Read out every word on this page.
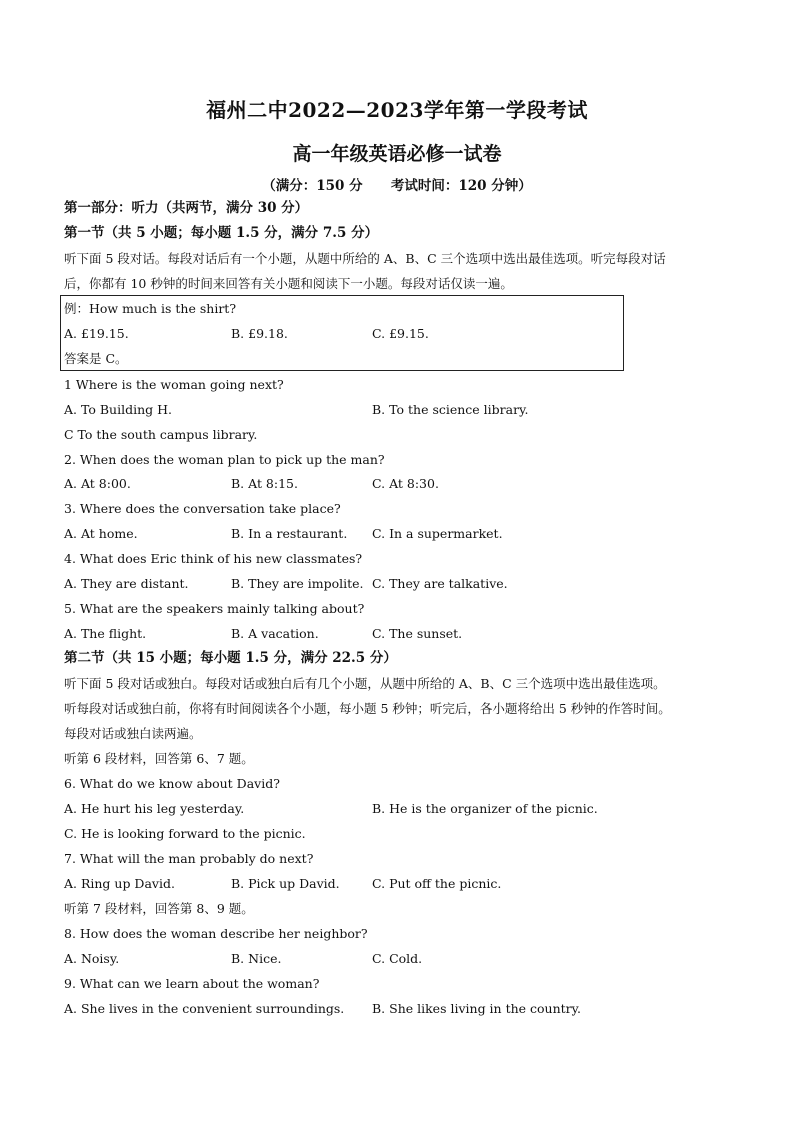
福州二中2022—2023学年第一学段考试
高一年级英语必修一试卷
（满分：150 分      考试时间：120 分钟）
第一部分：听力（共两节，满分 30 分）
第一节（共 5 小题；每小题 1.5 分，满分 7.5 分）
听下面 5 段对话。每段对话后有一个小题，从题中所给的 A、B、C 三个选项中选出最佳选项。听完每段对话
后，你都有 10 秒钟的时间来回答有关小题和阅读下一小题。每段对话仅读一遍。
例：How much is the shirt?
A. £19.15.	B. £9.18.	C. £9.15.
答案是 C。
1 Where is the woman going next?
A. To Building H.	B. To the science library.
C To the south campus library.
2. When does the woman plan to pick up the man?
A. At 8:00.	B. At 8:15.	C. At 8:30.
3. Where does the conversation take place?
A. At home.	B. In a restaurant. C. In a supermarket.
4. What does Eric think of his new classmates?
A. They are distant.	B. They are impolite. C. They are talkative.
5. What are the speakers mainly talking about?
A. The flight.	B. A vacation.	C. The sunset.
第二节（共 15 小题；每小题 1.5 分，满分 22.5 分）
听下面 5 段对话或独白。每段对话或独白后有几个小题，从题中所给的 A、B、C 三个选项中选出最佳选项。
听每段对话或独白前，你将有时间阅读各个小题，每小题 5 秒钟；听完后，各小题将给出 5 秒钟的作答时间。
每段对话或独白读两遍。
听第 6 段材料，回答第 6、7 题。
6. What do we know about David?
A. He hurt his leg yesterday.	B. He is the organizer of the picnic.
C. He is looking forward to the picnic.
7. What will the man probably do next?
A. Ring up David.	B. Pick up David.	C. Put off the picnic.
听第 7 段材料，回答第 8、9 题。
8. How does the woman describe her neighbor?
A. Noisy.	B. Nice.	C. Cold.
9. What can we learn about the woman?
A. She lives in the convenient surroundings. B. She likes living in the country.
